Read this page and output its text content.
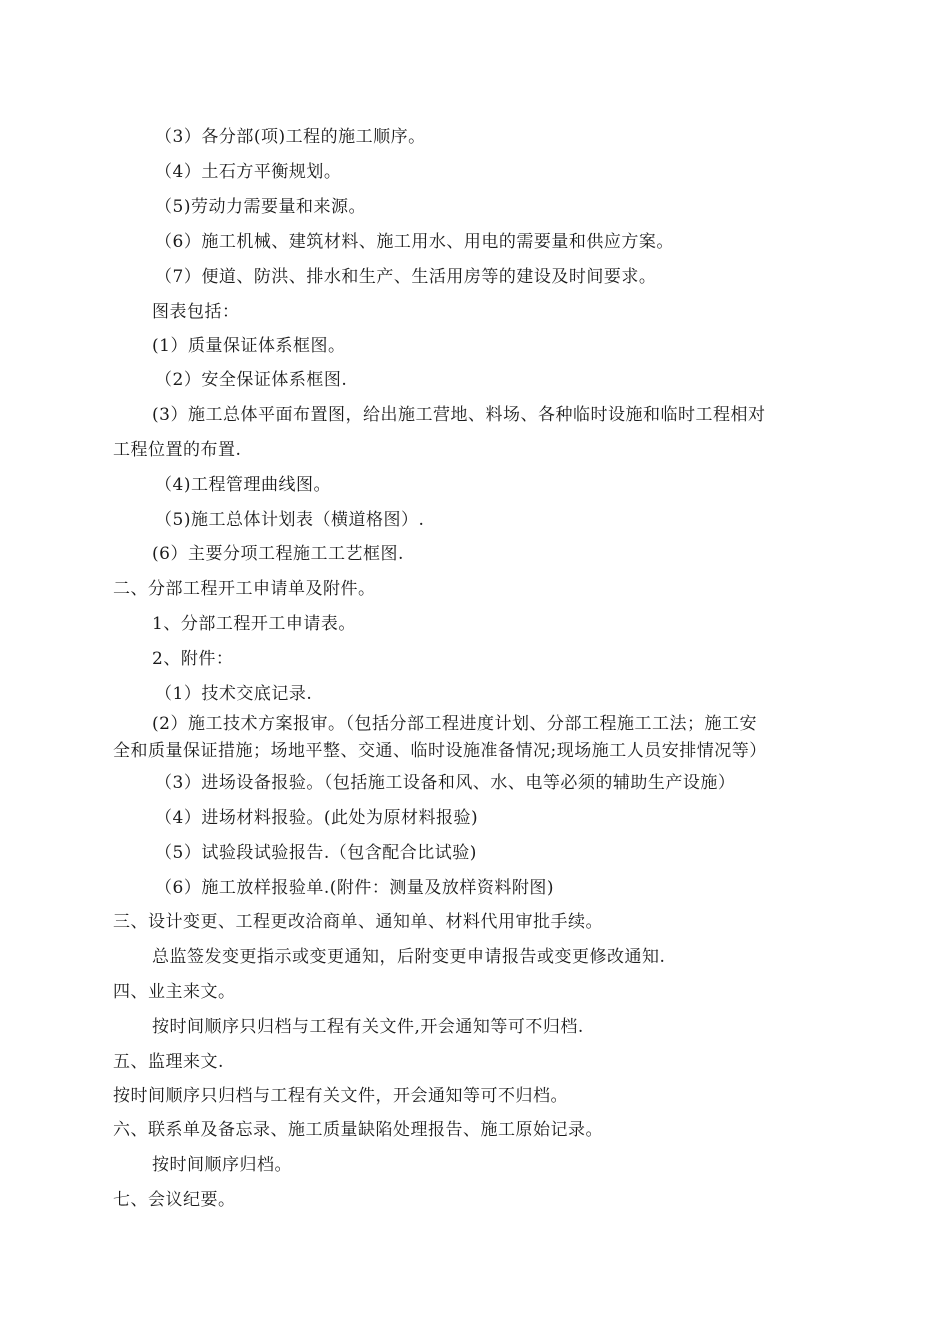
（3）各分部(项)工程的施工顺序。
（4）土石方平衡规划。
（5)劳动力需要量和来源。
（6）施工机械、建筑材料、施工用水、用电的需要量和供应方案。
（7）便道、防洪、排水和生产、生活用房等的建设及时间要求。
图表包括：
(1）质量保证体系框图。
（2）安全保证体系框图.
(3）施工总体平面布置图，给出施工营地、料场、各种临时设施和临时工程相对
工程位置的布置.
（4)工程管理曲线图。
（5)施工总体计划表（横道格图）.
(6）主要分项工程施工工艺框图.
二、分部工程开工申请单及附件。
1、分部工程开工申请表。
2、附件：
（1）技术交底记录.
(2）施工技术方案报审。（包括分部工程进度计划、分部工程施工工法；施工安
全和质量保证措施；场地平整、交通、临时设施准备情况;现场施工人员安排情况等）
（3）进场设备报验。（包括施工设备和风、水、电等必须的辅助生产设施）
（4）进场材料报验。(此处为原材料报验)
（5）试验段试验报告.（包含配合比试验)
（6）施工放样报验单.(附件：测量及放样资料附图)
三、设计变更、工程更改洽商单、通知单、材料代用审批手续。
总监签发变更指示或变更通知，后附变更申请报告或变更修改通知.
四、业主来文。
按时间顺序只归档与工程有关文件,开会通知等可不归档.
五、监理来文.
按时间顺序只归档与工程有关文件，开会通知等可不归档。
六、联系单及备忘录、施工质量缺陷处理报告、施工原始记录。
按时间顺序归档。
七、会议纪要。
